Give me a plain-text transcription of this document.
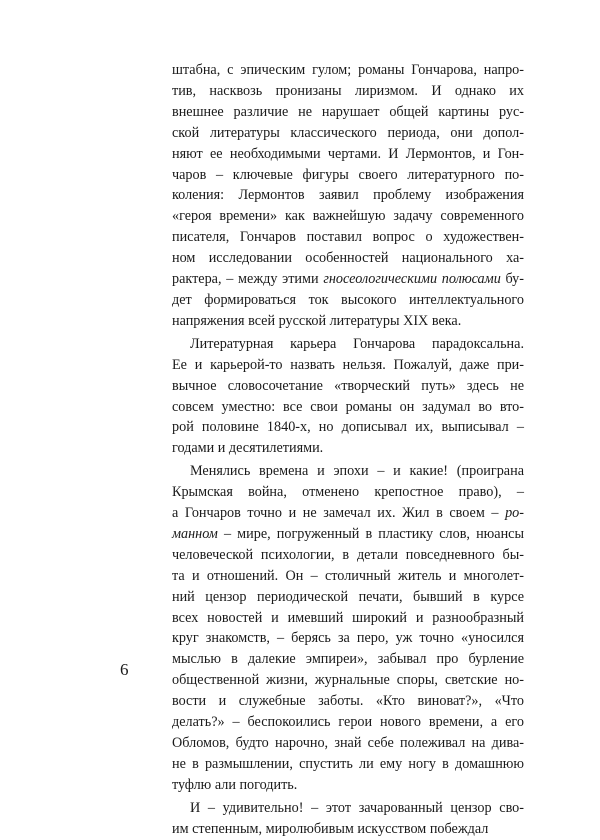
штабна, с эпическим гулом; романы Гончарова, напро-
тив, насквозь пронизаны лиризмом. И однако их
внешнее различие не нарушает общей картины рус-
ской литературы классического периода, они допол-
няют ее необходимыми чертами. И Лермонтов, и Гон-
чаров – ключевые фигуры своего литературного по-
коления: Лермонтов заявил проблему изображения
«героя времени» как важнейшую задачу современного
писателя, Гончаров поставил вопрос о художествен-
ном исследовании особенностей национального ха-
рактера, – между этими гносеологическими полюсами бу-
дет формироваться ток высокого интеллектуального
напряжения всей русской литературы XIX века.
Литературная карьера Гончарова парадоксальна.
Ее и карьерой-то назвать нельзя. Пожалуй, даже при-
вычное словосочетание «творческий путь» здесь не
совсем уместно: все свои романы он задумал во вто-
рой половине 1840-х, но дописывал их, выписывал –
годами и десятилетиями.
Менялись времена и эпохи – и какие! (проиграна
Крымская война, отменено крепостное право), –
а Гончаров точно и не замечал их. Жил в своем – ро-
манном – мире, погруженный в пластику слов, нюансы
человеческой психологии, в детали повседневного бы-
та и отношений. Он – столичный житель и многолет-
ний цензор периодической печати, бывший в курсе
всех новостей и имевший широкий и разнообразный
круг знакомств, – берясь за перо, уж точно «уносился
мыслью в далекие эмпиреи», забывал про бурление
общественной жизни, журнальные споры, светские но-
вости и служебные заботы. «Кто виноват?», «Что
делать?» – беспокоились герои нового времени, а его
Обломов, будто нарочно, знай себе полеживал на дива-
не в размышлении, спустить ли ему ногу в домашнюю
туфлю али погодить.
И – удивительно! – этот зачарованный цензор сво-
им степенным, миролюбивым искусством побеждал
6
